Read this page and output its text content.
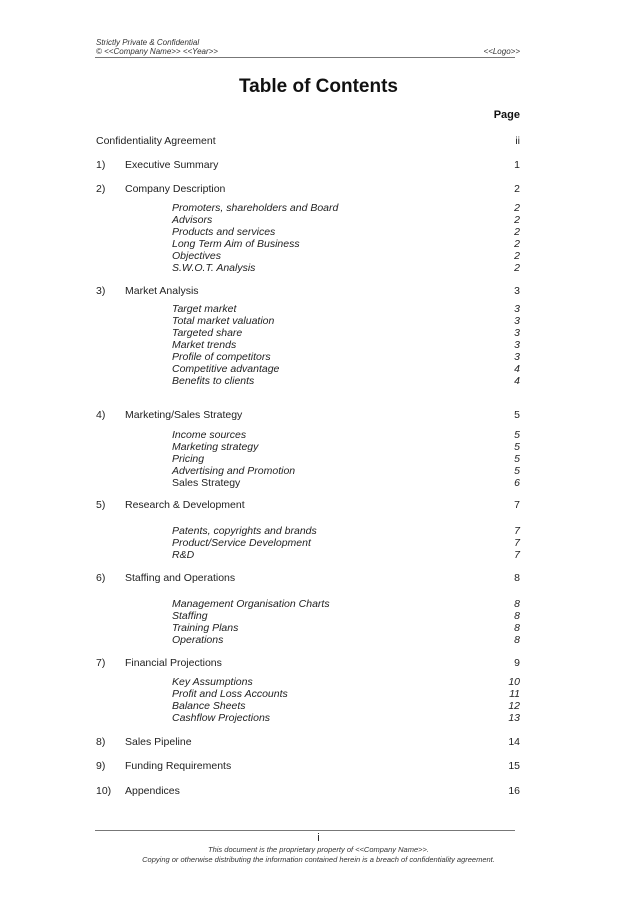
Strictly Private & Confidential
© <<Company Name>> <<Year>>	<<Logo>>
Table of Contents
Page
Confidentiality Agreement	ii
1) Executive Summary	1
2) Company Description	2
Promoters, shareholders and Board	2
Advisors	2
Products and services	2
Long Term Aim of Business	2
Objectives	2
S.W.O.T. Analysis	2
3) Market Analysis	3
Target market	3
Total market valuation	3
Targeted share	3
Market trends	3
Profile of competitors	3
Competitive advantage	4
Benefits to clients	4
4) Marketing/Sales Strategy	5
Income sources	5
Marketing strategy	5
Pricing	5
Advertising and Promotion	5
Sales Strategy	6
5) Research & Development	7
Patents, copyrights and brands	7
Product/Service Development	7
R&D	7
6) Staffing and Operations	8
Management Organisation Charts	8
Staffing	8
Training Plans	8
Operations	8
7) Financial Projections	9
Key Assumptions	10
Profit and Loss Accounts	11
Balance Sheets	12
Cashflow Projections	13
8) Sales Pipeline	14
9) Funding Requirements	15
10) Appendices	16
i
This document is the proprietary property of <<Company Name>>.
Copying or otherwise distributing the information contained herein is a breach of confidentiality agreement.
